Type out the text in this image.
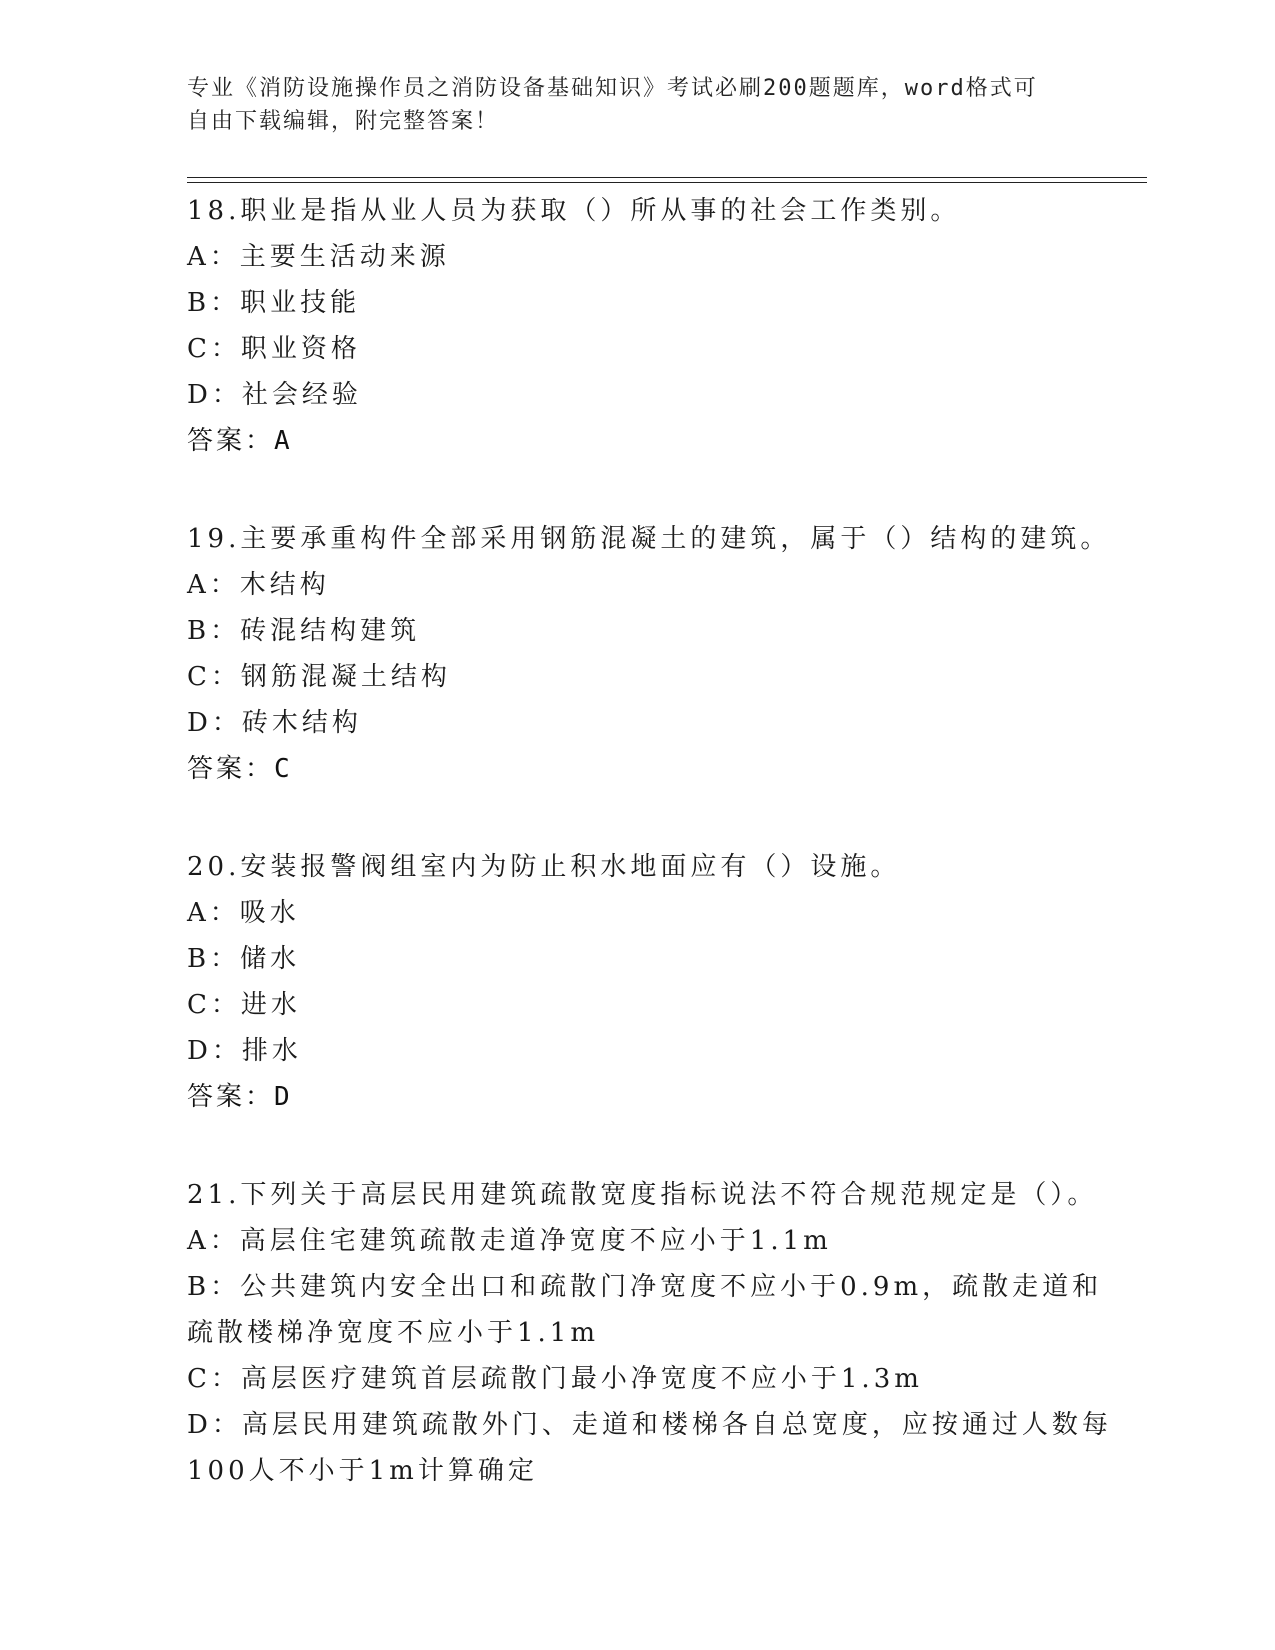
专业《消防设施操作员之消防设备基础知识》考试必刷200题题库，word格式可
自由下载编辑，附完整答案！
18.职业是指从业人员为获取（）所从事的社会工作类别。
A：主要生活动来源
B：职业技能
C：职业资格
D：社会经验
答案：A
19.主要承重构件全部采用钢筋混凝土的建筑，属于（）结构的建筑。
A：木结构
B：砖混结构建筑
C：钢筋混凝土结构
D：砖木结构
答案：C
20.安装报警阀组室内为防止积水地面应有（）设施。
A：吸水
B：储水
C：进水
D：排水
答案：D
21.下列关于高层民用建筑疏散宽度指标说法不符合规范规定是（）。
A：高层住宅建筑疏散走道净宽度不应小于1.1m
B：公共建筑内安全出口和疏散门净宽度不应小于0.9m，疏散走道和疏散楼梯净宽度不应小于1.1m
C：高层医疗建筑首层疏散门最小净宽度不应小于1.3m
D：高层民用建筑疏散外门、走道和楼梯各自总宽度，应按通过人数每100人不小于1m计算确定
